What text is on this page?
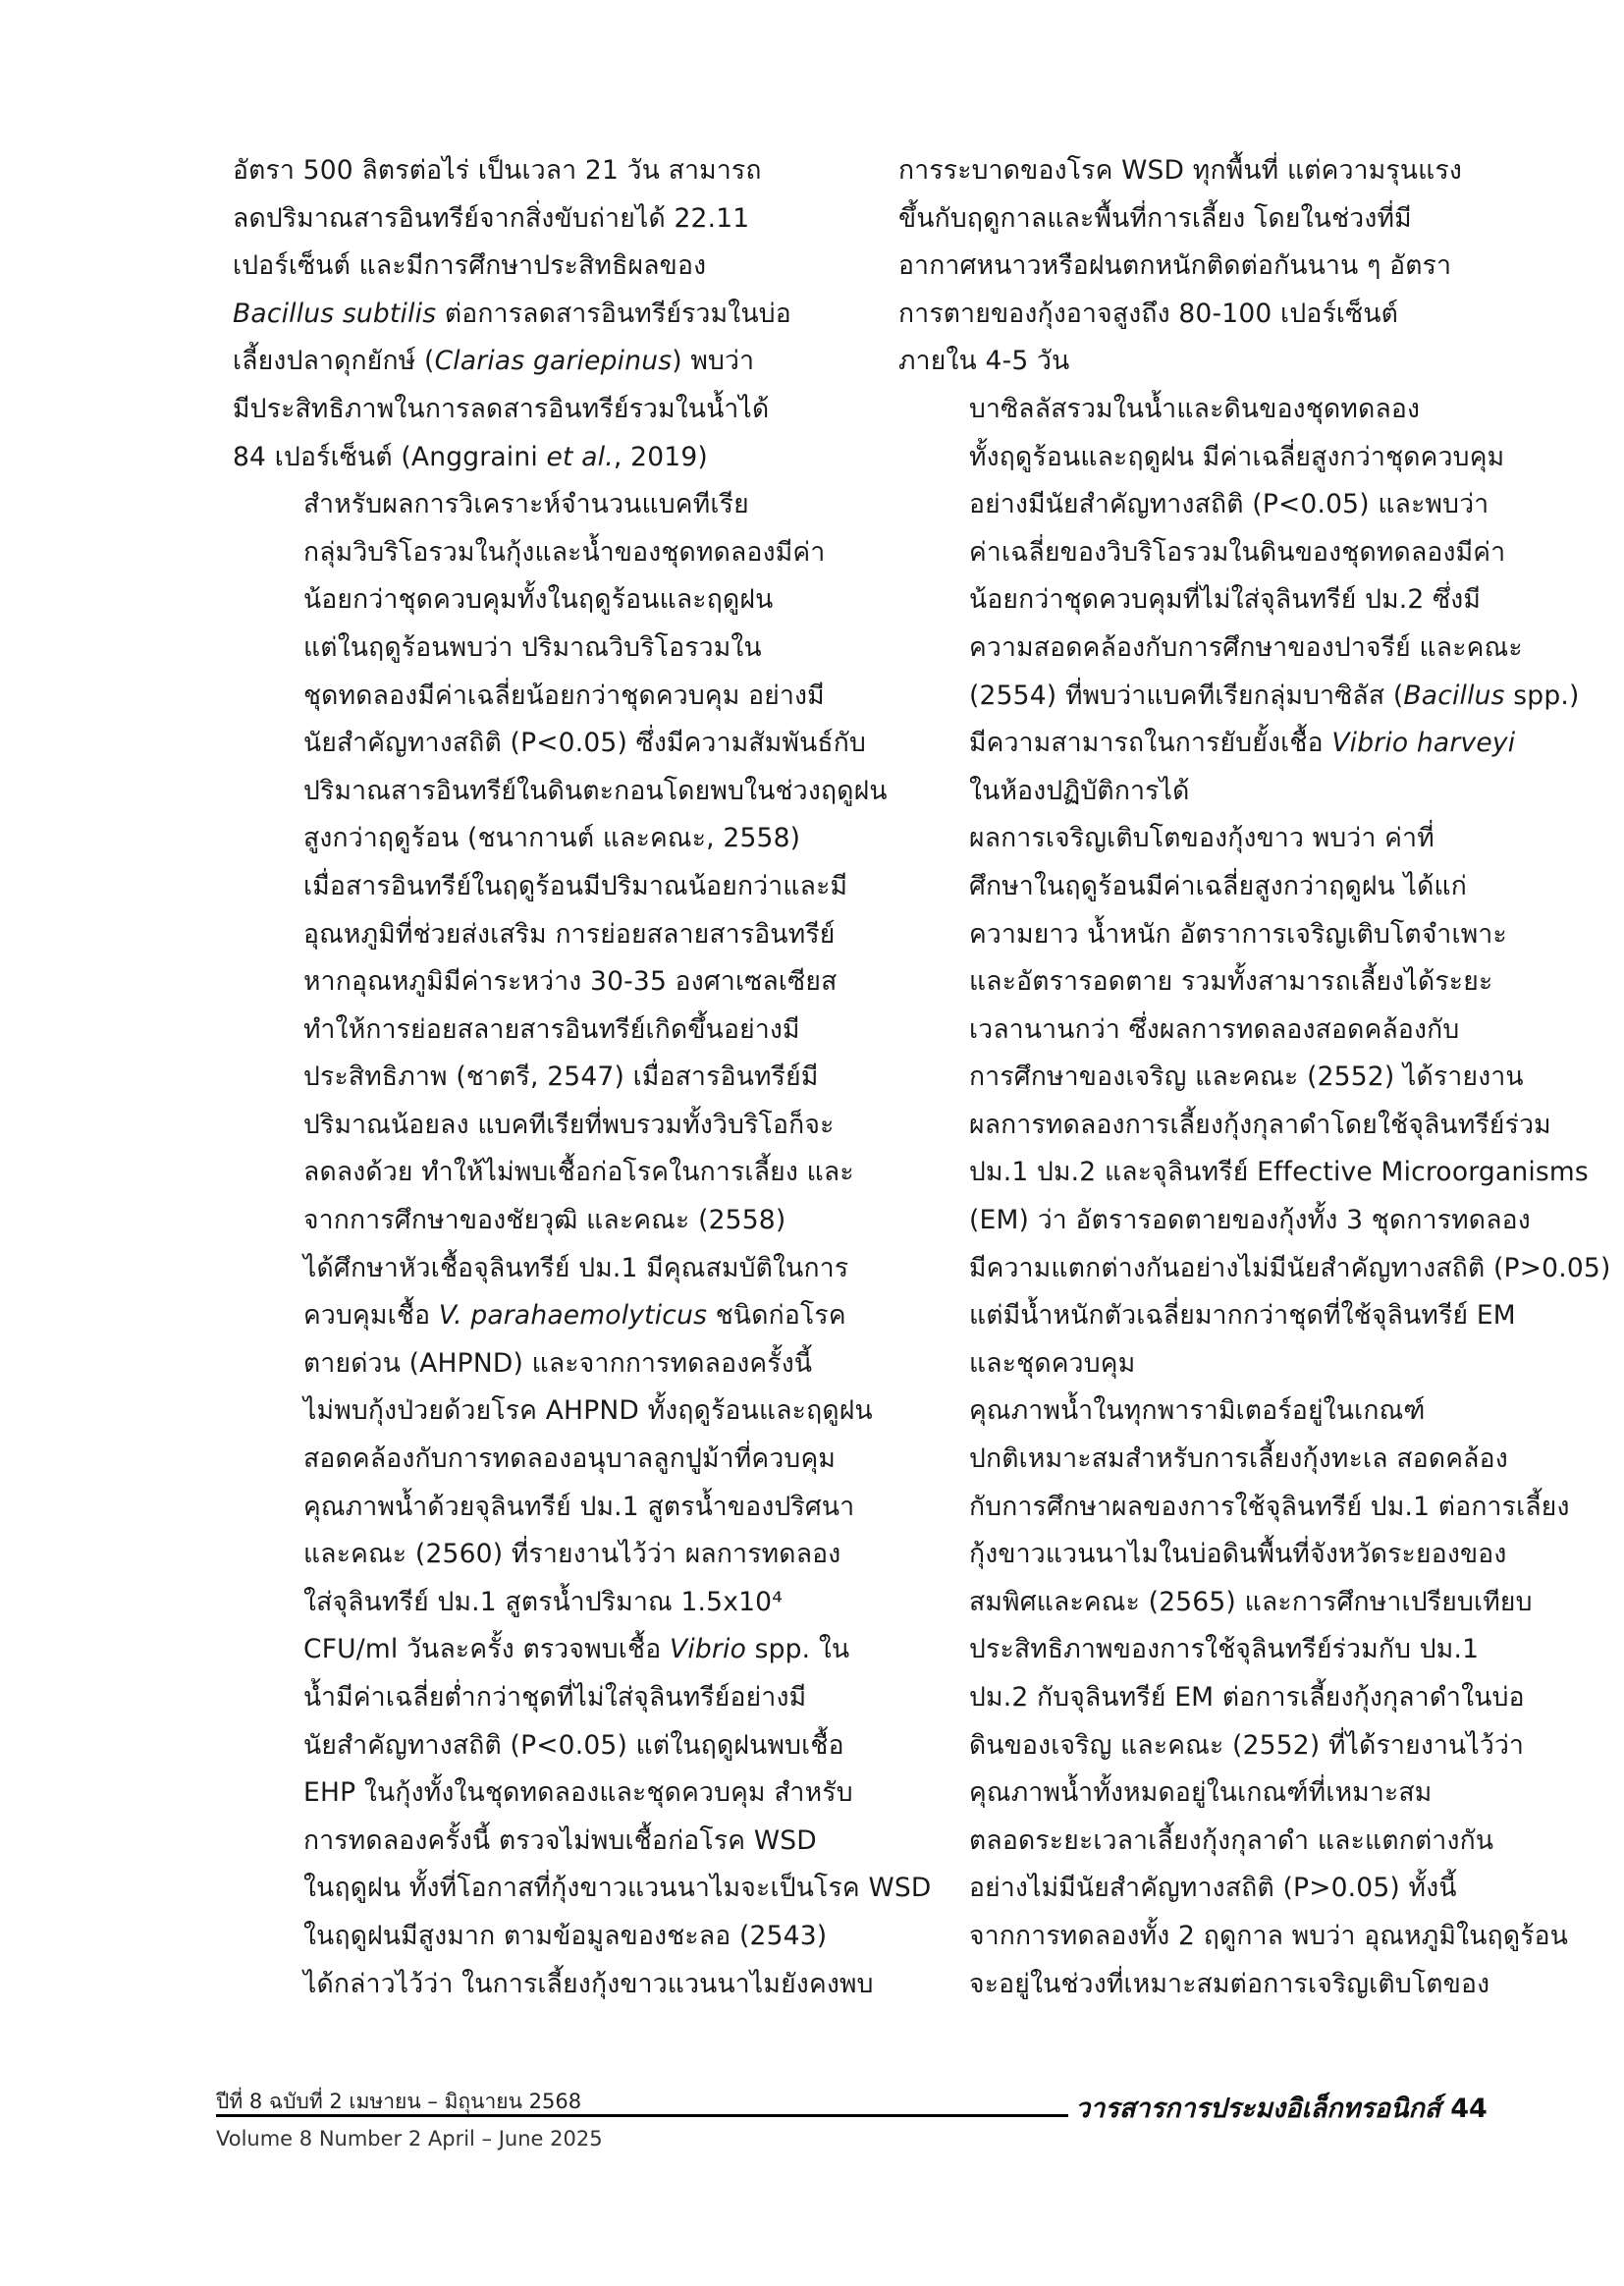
อัตรา 500 ลิตรต่อไร่ เป็นเวลา 21 วัน สามารถ
ลดปริมาณสารอินทรีย์จากสิ่งขับถ่ายได้ 22.11
เปอร์เซ็นต์ และมีการศึกษาประสิทธิผลของ
Bacillus subtilis ต่อการลดสารอินทรีย์รวมในบ่อ
เลี้ยงปลาดุกยักษ์ (Clarias gariepinus) พบว่า
มีประสิทธิภาพในการลดสารอินทรีย์รวมในน้ำได้
84 เปอร์เซ็นต์ (Anggraini et al., 2019)

สำหรับผลการวิเคราะห์จำนวนแบคทีเรีย
กลุ่มวิบริโอรวมในกุ้งและน้ำของชุดทดลองมีค่า
น้อยกว่าชุดควบคุมทั้งในฤดูร้อนและฤดูฝน
แต่ในฤดูร้อนพบว่า ปริมาณวิบริโอรวมใน
ชุดทดลองมีค่าเฉลี่ยน้อยกว่าชุดควบคุม อย่างมี
นัยสำคัญทางสถิติ (P<0.05) ซึ่งมีความสัมพันธ์กับ
ปริมาณสารอินทรีย์ในดินตะกอนโดยพบในช่วงฤดูฝน
สูงกว่าฤดูร้อน (ชนากานต์ และคณะ, 2558)
เมื่อสารอินทรีย์ในฤดูร้อนมีปริมาณน้อยกว่าและมี
อุณหภูมิที่ช่วยส่งเสริม การย่อยสลายสารอินทรีย์
หากอุณหภูมิมีค่าระหว่าง 30-35 องศาเซลเซียส
ทำให้การย่อยสลายสารอินทรีย์เกิดขึ้นอย่างมี
ประสิทธิภาพ (ชาตรี, 2547) เมื่อสารอินทรีย์มี
ปริมาณน้อยลง แบคทีเรียที่พบรวมทั้งวิบริโอก็จะ
ลดลงด้วย ทำให้ไม่พบเชื้อก่อโรคในการเลี้ยง และ
จากการศึกษาของชัยวุฒิ และคณะ (2558)
ได้ศึกษาหัวเชื้อจุลินทรีย์ ปม.1 มีคุณสมบัติในการ
ควบคุมเชื้อ V. parahaemolyticus ชนิดก่อโรค
ตายด่วน (AHPND) และจากการทดลองครั้งนี้
ไม่พบกุ้งป่วยด้วยโรค AHPND ทั้งฤดูร้อนและฤดูฝน
สอดคล้องกับการทดลองอนุบาลลูกปูม้าที่ควบคุม
คุณภาพน้ำด้วยจุลินทรีย์ ปม.1 สูตรน้ำของปริศนา
และคณะ (2560) ที่รายงานไว้ว่า ผลการทดลอง
ใส่จุลินทรีย์ ปม.1 สูตรน้ำปริมาณ 1.5x10⁴
CFU/ml วันละครั้ง ตรวจพบเชื้อ Vibrio spp. ใน
น้ำมีค่าเฉลี่ยต่ำกว่าชุดที่ไม่ใส่จุลินทรีย์อย่างมี
นัยสำคัญทางสถิติ (P<0.05) แต่ในฤดูฝนพบเชื้อ
EHP ในกุ้งทั้งในชุดทดลองและชุดควบคุม สำหรับ
การทดลองครั้งนี้ ตรวจไม่พบเชื้อก่อโรค WSD
ในฤดูฝน ทั้งที่โอกาสที่กุ้งขาวแวนนาไมจะเป็นโรค WSD
ในฤดูฝนมีสูงมาก ตามข้อมูลของชะลอ (2543)
ได้กล่าวไว้ว่า ในการเลี้ยงกุ้งขาวแวนนาไมยังคงพบ

การระบาดของโรค WSD ทุกพื้นที่ แต่ความรุนแรง
ขึ้นกับฤดูกาลและพื้นที่การเลี้ยง โดยในช่วงที่มี
อากาศหนาวหรือฝนตกหนักติดต่อกันนาน ๆ อัตรา
การตายของกุ้งอาจสูงถึง 80-100 เปอร์เซ็นต์
ภายใน 4-5 วัน

บาซิลลัสรวมในน้ำและดินของชุดทดลอง
ทั้งฤดูร้อนและฤดูฝน มีค่าเฉลี่ยสูงกว่าชุดควบคุม
อย่างมีนัยสำคัญทางสถิติ (P<0.05) และพบว่า
ค่าเฉลี่ยของวิบริโอรวมในดินของชุดทดลองมีค่า
น้อยกว่าชุดควบคุมที่ไม่ใส่จุลินทรีย์ ปม.2 ซึ่งมี
ความสอดคล้องกับการศึกษาของปาจรีย์ และคณะ
(2554) ที่พบว่าแบคทีเรียกลุ่มบาซิลัส (Bacillus spp.)
มีความสามารถในการยับยั้งเชื้อ Vibrio harveyi
ในห้องปฏิบัติการได้

ผลการเจริญเติบโตของกุ้งขาว พบว่า ค่าที่
ศึกษาในฤดูร้อนมีค่าเฉลี่ยสูงกว่าฤดูฝน ได้แก่
ความยาว น้ำหนัก อัตราการเจริญเติบโตจำเพาะ
และอัตรารอดตาย รวมทั้งสามารถเลี้ยงได้ระยะ
เวลานานกว่า ซึ่งผลการทดลองสอดคล้องกับ
การศึกษาของเจริญ และคณะ (2552) ได้รายงาน
ผลการทดลองการเลี้ยงกุ้งกุลาดำโดยใช้จุลินทรีย์ร่วม
ปม.1 ปม.2 และจุลินทรีย์ Effective Microorganisms
(EM) ว่า อัตรารอดตายของกุ้งทั้ง 3 ชุดการทดลอง
มีความแตกต่างกันอย่างไม่มีนัยสำคัญทางสถิติ (P>0.05)
แต่มีน้ำหนักตัวเฉลี่ยมากกว่าชุดที่ใช้จุลินทรีย์ EM
และชุดควบคุม

คุณภาพน้ำในทุกพารามิเตอร์อยู่ในเกณฑ์
ปกติเหมาะสมสำหรับการเลี้ยงกุ้งทะเล สอดคล้อง
กับการศึกษาผลของการใช้จุลินทรีย์ ปม.1 ต่อการเลี้ยง
กุ้งขาวแวนนาไมในบ่อดินพื้นที่จังหวัดระยองของ
สมพิศและคณะ (2565) และการศึกษาเปรียบเทียบ
ประสิทธิภาพของการใช้จุลินทรีย์ร่วมกับ ปม.1
ปม.2 กับจุลินทรีย์ EM ต่อการเลี้ยงกุ้งกุลาดำในบ่อ
ดินของเจริญ และคณะ (2552) ที่ได้รายงานไว้ว่า
คุณภาพน้ำทั้งหมดอยู่ในเกณฑ์ที่เหมาะสม
ตลอดระยะเวลาเลี้ยงกุ้งกุลาดำ และแตกต่างกัน
อย่างไม่มีนัยสำคัญทางสถิติ (P>0.05) ทั้งนี้
จากการทดลองทั้ง 2 ฤดูกาล พบว่า อุณหภูมิในฤดูร้อน
จะอยู่ในช่วงที่เหมาะสมต่อการเจริญเติบโตของ

ปีที่ 8 ฉบับที่ 2 เมษายน – มิถุนายน 2568	วารสารการประมงอิเล็กทรอนิกส์ 44
Volume 8 Number 2 April – June 2025
